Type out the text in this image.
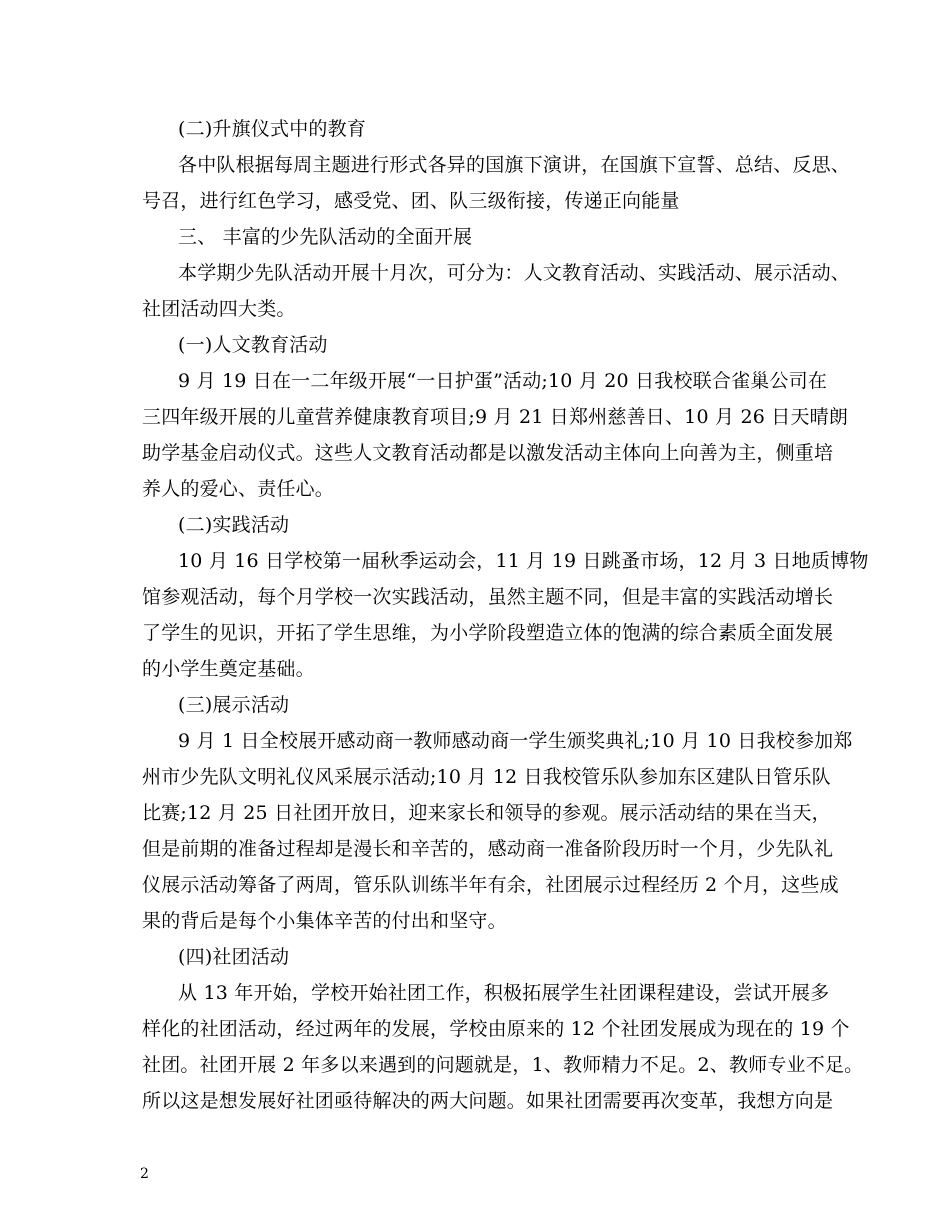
(二)升旗仪式中的教育
各中队根据每周主题进行形式各异的国旗下演讲，在国旗下宣誓、总结、反思、
号召，进行红色学习，感受党、团、队三级衔接，传递正向能量
三、 丰富的少先队活动的全面开展
本学期少先队活动开展十月次，可分为：人文教育活动、实践活动、展示活动、
社团活动四大类。
(一)人文教育活动
9 月 19 日在一二年级开展“一日护蛋”活动;10 月 20 日我校联合雀巢公司在
三四年级开展的儿童营养健康教育项目;9 月 21 日郑州慈善日、10 月 26 日天晴朗
助学基金启动仪式。这些人文教育活动都是以激发活动主体向上向善为主，侧重培
养人的爱心、责任心。
(二)实践活动
10 月 16 日学校第一届秋季运动会，11 月 19 日跳蚤市场，12 月 3 日地质博物
馆参观活动，每个月学校一次实践活动，虽然主题不同，但是丰富的实践活动增长
了学生的见识，开拓了学生思维，为小学阶段塑造立体的饱满的综合素质全面发展
的小学生奠定基础。
(三)展示活动
9 月 1 日全校展开感动商一教师感动商一学生颁奖典礼;10 月 10 日我校参加郑
州市少先队文明礼仪风采展示活动;10 月 12 日我校管乐队参加东区建队日管乐队
比赛;12 月 25 日社团开放日，迎来家长和领导的参观。展示活动结的果在当天，
但是前期的准备过程却是漫长和辛苦的，感动商一准备阶段历时一个月，少先队礼
仪展示活动筹备了两周，管乐队训练半年有余，社团展示过程经历 2 个月，这些成
果的背后是每个小集体辛苦的付出和坚守。
(四)社团活动
从 13 年开始，学校开始社团工作，积极拓展学生社团课程建设，尝试开展多
样化的社团活动，经过两年的发展，学校由原来的 12 个社团发展成为现在的 19 个
社团。社团开展 2 年多以来遇到的问题就是，1、教师精力不足。2、教师专业不足。
所以这是想发展好社团亟待解决的两大问题。如果社团需要再次变革，我想方向是
2
